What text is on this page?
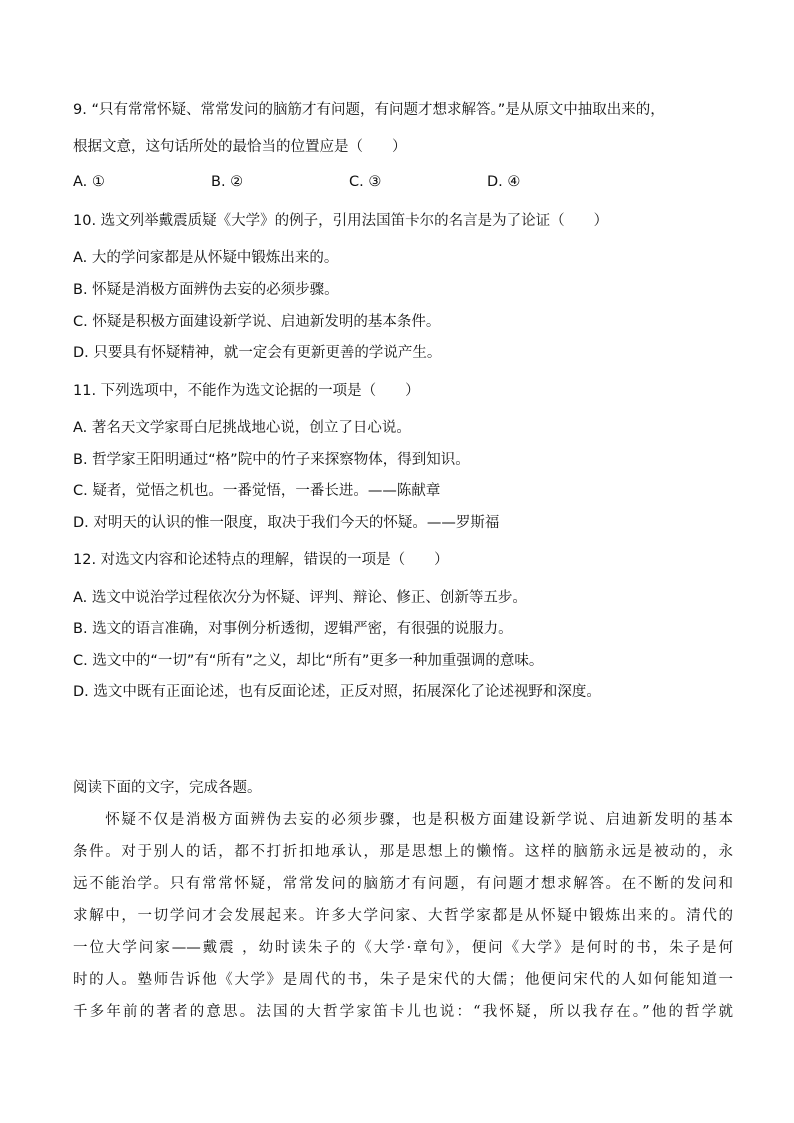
9. “只有常常怀疑、常常发问的脑筋才有问题，有问题才想求解答。”是从原文中抽取出来的，
根据文意，这句话所处的最恰当的位置应是（　　）
A. ①	B. ②	C. ③	D. ④
10. 选文列举戴震质疑《大学》的例子，引用法国笛卡尔的名言是为了论证（　　）
A. 大的学问家都是从怀疑中锻炼出来的。
B. 怀疑是消极方面辨伪去妄的必须步骤。
C. 怀疑是积极方面建设新学说、启迪新发明的基本条件。
D. 只要具有怀疑精神，就一定会有更新更善的学说产生。
11. 下列选项中，不能作为选文论据的一项是（　　）
A. 著名天文学家哥白尼挑战地心说，创立了日心说。
B. 哲学家王阳明通过“格”院中的竹子来探察物体，得到知识。
C. 疑者，觉悟之机也。一番觉悟，一番长进。——陈献章
D. 对明天的认识的惟一限度，取决于我们今天的怀疑。——罗斯福
12. 对选文内容和论述特点的理解，错误的一项是（　　）
A. 选文中说治学过程依次分为怀疑、评判、辩论、修正、创新等五步。
B. 选文的语言准确，对事例分析透彻，逻辑严密，有很强的说服力。
C. 选文中的“一切”有“所有”之义，却比“所有”更多一种加重强调的意味。
D. 选文中既有正面论述，也有反面论述，正反对照，拓展深化了论述视野和深度。
阅读下面的文字，完成各题。
　　怀疑不仅是消极方面辨伪去妄的必须步骤，也是积极方面建设新学说、启迪新发明的基本
条件。对于别人的话，都不打折扣地承认，那是思想上的懒惰。这样的脑筋永远是被动的，永
远不能治学。只有常常怀疑，常常发问的脑筋才有问题，有问题才想求解答。在不断的发问和
求解中，一切学问才会发展起来。许多大学问家、大哲学家都是从怀疑中锻炼出来的。清代的
一位大学问家——戴震 ，幼时读朱子的《大学·章句》，便问《大学》是何时的书，朱子是何
时的人。塾师告诉他《大学》是周代的书，朱子是宋代的大儒；他便问宋代的人如何能知道一
千多年前的著者的意思。法国的大哲学家笛卡儿也说：“我怀疑，所以我存在。”他的哲学就
